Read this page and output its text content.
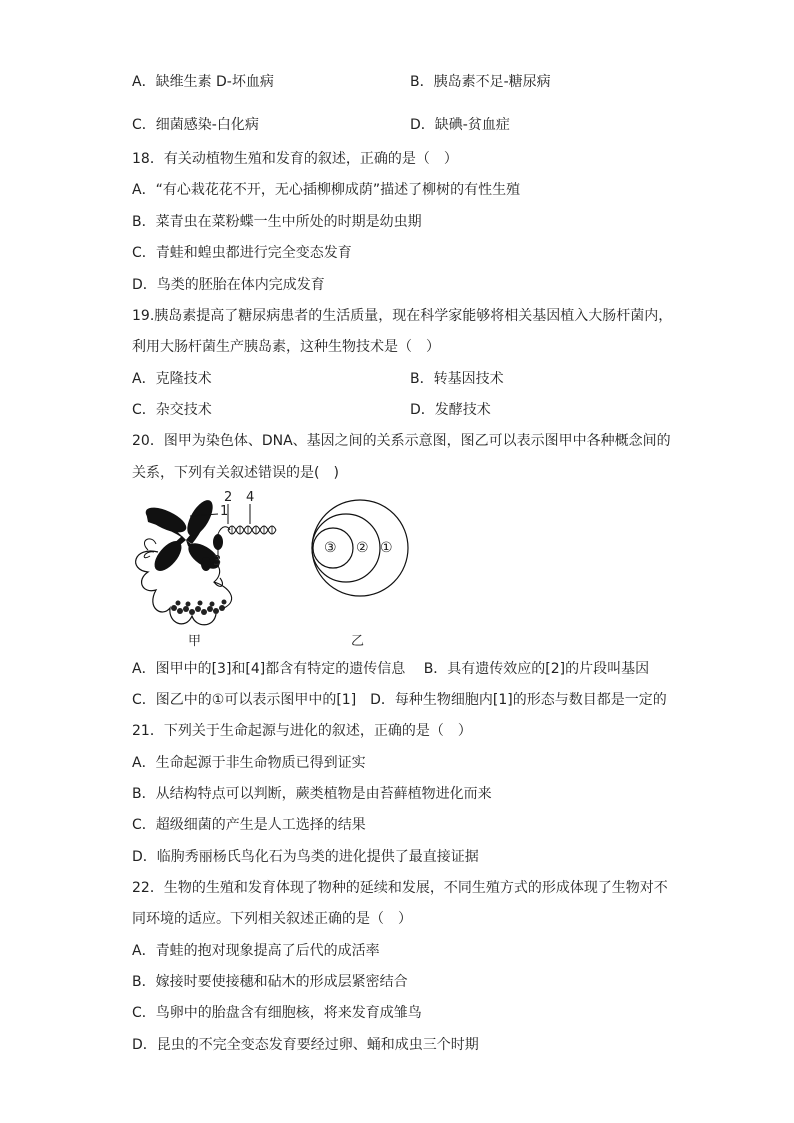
A．缺维生素 D-坏血病	B．胰岛素不足-糖尿病
C．细菌感染-白化病	D．缺碘-贫血症
18．有关动植物生殖和发育的叙述，正确的是（　）
A．“有心栽花花不开，无心插柳柳成荫”描述了柳树的有性生殖
B．菜青虫在菜粉蝶一生中所处的时期是幼虫期
C．青蛙和蝗虫都进行完全变态发育
D．鸟类的胚胎在体内完成发育
19.胰岛素提高了糖尿病患者的生活质量，现在科学家能够将相关基因植入大肠杆菌内，
利用大肠杆菌生产胰岛素，这种生物技术是（　）
A．克隆技术	B．转基因技术
C．杂交技术	D．发酵技术
20．图甲为染色体、DNA、基因之间的关系示意图，图乙可以表示图甲中各种概念间的
关系，下列有关叙述错误的是(　)
1
2 4
3
③ ② ①
甲	乙
A．图甲中的[3]和[4]都含有特定的遗传信息　 B．具有遗传效应的[2]的片段叫基因
C．图乙中的①可以表示图甲中的[1]　D．每种生物细胞内[1]的形态与数目都是一定的
21．下列关于生命起源与进化的叙述，正确的是（　）
A．生命起源于非生命物质已得到证实
B．从结构特点可以判断，蕨类植物是由苔藓植物进化而来
C．超级细菌的产生是人工选择的结果
D．临朐秀丽杨氏鸟化石为鸟类的进化提供了最直接证据
22．生物的生殖和发育体现了物种的延续和发展，不同生殖方式的形成体现了生物对不
同环境的适应。下列相关叙述正确的是（　）
A．青蛙的抱对现象提高了后代的成活率
B．嫁接时要使接穗和砧木的形成层紧密结合
C．鸟卵中的胎盘含有细胞核，将来发育成雏鸟
D．昆虫的不完全变态发育要经过卵、蛹和成虫三个时期
